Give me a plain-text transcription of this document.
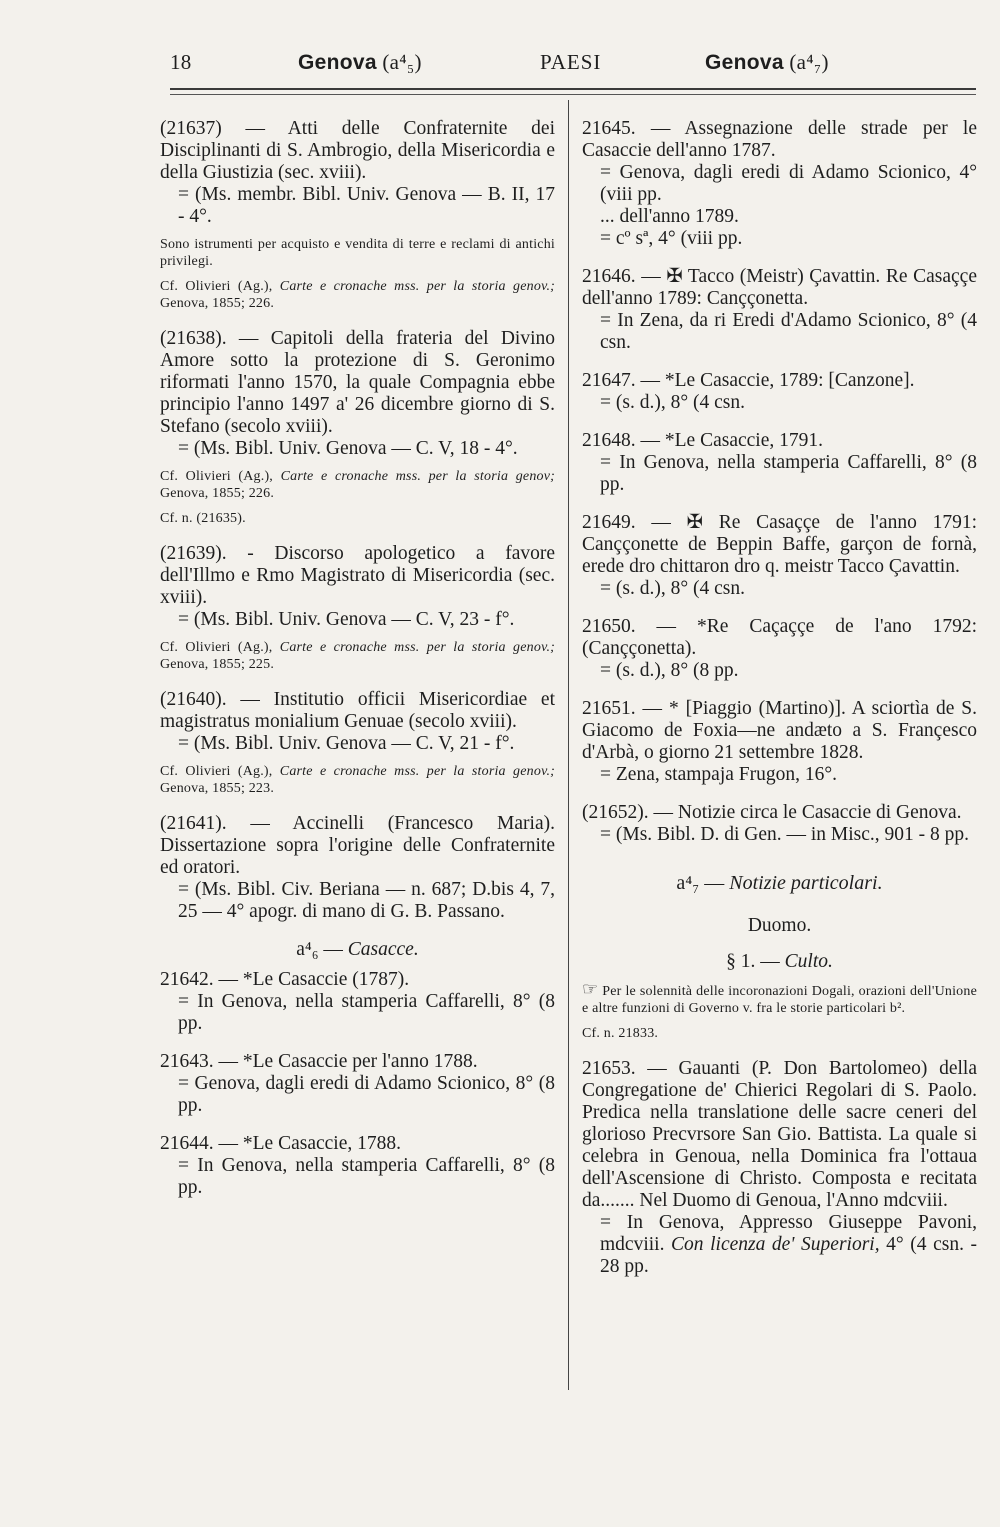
18	Genova (a⁴₅)	PAESI	Genova (a⁴₇)

(21637) — Atti delle Confraternite dei Disciplinanti di S. Ambrogio, della Misericordia e della Giustizia (sec. xviii).

= (Ms. membr. Bibl. Univ. Genova — B. II, 17 - 4°.

Sono istrumenti per acquisto e vendita di terre e reclami di antichi privilegi.

Cf. Olivieri (Ag.), Carte e cronache mss. per la storia genov.; Genova, 1855; 226.

(21638). — Capitoli della frateria del Divino Amore sotto la protezione di S. Geronimo riformati l'anno 1570, la quale Compagnia ebbe principio l'anno 1497 a' 26 dicembre giorno di S. Stefano (secolo xviii).

= (Ms. Bibl. Univ. Genova — C. V, 18 - 4°.

Cf. Olivieri (Ag.), Carte e cronache mss. per la storia genov; Genova, 1855; 226.

Cf. n. (21635).

(21639). - Discorso apologetico a favore dell'Illmo e Rmo Magistrato di Misericordia (sec. xviii).

= (Ms. Bibl. Univ. Genova — C. V, 23 - f°.

Cf. Olivieri (Ag.), Carte e cronache mss. per la storia genov.; Genova, 1855; 225.

(21640). — Institutio officii Misericordiae et magistratus monialium Genuae (secolo xviii).

= (Ms. Bibl. Univ. Genova — C. V, 21 - f°.

Cf. Olivieri (Ag.), Carte e cronache mss. per la storia genov.; Genova, 1855; 223.

(21641). — Accinelli (Francesco Maria). Dissertazione sopra l'origine delle Confraternite ed oratori.

= (Ms. Bibl. Civ. Beriana — n. 687; D.bis 4, 7, 25 — 4° apogr. di mano di G. B. Passano.

a⁴₆ — Casacce.

21642. — *Le Casaccie (1787).

= In Genova, nella stamperia Caffarelli, 8° (8 pp.

21643. — *Le Casaccie per l'anno 1788.

= Genova, dagli eredi di Adamo Scionico, 8° (8 pp.

21644. — *Le Casaccie, 1788.

= In Genova, nella stamperia Caffarelli, 8° (8 pp.

21645. — Assegnazione delle strade per le Casaccie dell'anno 1787.

= Genova, dagli eredi di Adamo Scionico, 4° (viii pp.

... dell'anno 1789.

= cº sª, 4° (viii pp.

21646. — ✠ Tacco (Meistr) Çavattin. Re Casaççe dell'anno 1789: Canççonetta.

= In Zena, da ri Eredi d'Adamo Scionico, 8° (4 csn.

21647. — *Le Casaccie, 1789: [Canzone].

= (s. d.), 8° (4 csn.

21648. — *Le Casaccie, 1791.

= In Genova, nella stamperia Caffarelli, 8° (8 pp.

21649. — ✠ Re Casaççe de l'anno 1791: Canççonette de Beppin Baffe, garçon de fornà, erede dro chittaron dro q. meistr Tacco Çavattin.

= (s. d.), 8° (4 csn.

21650. — *Re Caçaççe de l'ano 1792: (Canççonetta).

= (s. d.), 8° (8 pp.

21651. — * [Piaggio (Martino)]. A sciortìa de S. Giacomo de Foxia—ne andæto a S. Françesco d'Arbà, o giorno 21 settembre 1828.

= Zena, stampaja Frugon, 16°.

(21652). — Notizie circa le Casaccie di Genova.

= (Ms. Bibl. D. di Gen. — in Misc., 901 - 8 pp.

a⁴₇ — Notizie particolari.
Duomo.
§ 1. — Culto.

☞ Per le solennità delle incoronazioni Dogali, orazioni dell'Unione e altre funzioni di Governo v. fra le storie particolari b².

Cf. n. 21833.

21653. — Gauanti (P. Don Bartolomeo) della Congregatione de' Chierici Regolari di S. Paolo. Predica nella translatione delle sacre ceneri del glorioso Precvrsore San Gio. Battista. La quale si celebra in Genoua, nella Dominica fra l'ottaua dell'Ascensione di Christo. Composta e recitata da....... Nel Duomo di Genoua, l'Anno mdcviii.

= In Genova, Appresso Giuseppe Pavoni, mdcviii. Con licenza de' Superiori, 4° (4 csn. - 28 pp.
